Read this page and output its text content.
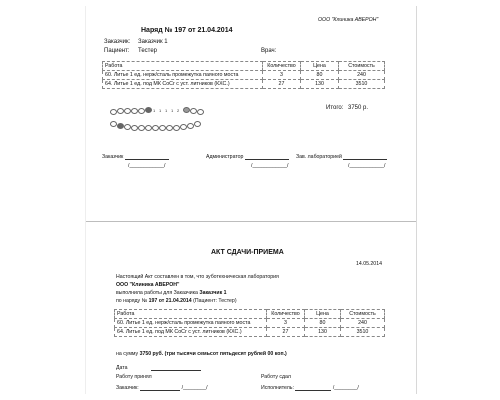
ООО "Клиника АВЕРОН"
Наряд № 197 от 21.04.2014
Заказчик: Заказчик 1
Пациент: Тестер	Врач:
Работа	Количество	Цена	Стоимость
60. Литье 1 ед. нерж/сталь промежутка паяного моста	3	80	240
64. Литье 1 ед. под МК CoCr с уст. литников (КХС.)	27	130	3510
1 1 1 1 2	Итого: 3750 р.
Заказчик
/____________/
Администратор
/____________/
Зав. лабораторией
/____________/
АКТ СДАЧИ-ПРИЕМА
14.05.2014
Настоящий Акт составлен в том, что зуботехническая лаборатория
ООО "Клиника АВЕРОН"
выполнила работы для Заказчика Заказчик 1
по наряду № 197 от 21.04.2014 (Пациент: Тестер)
Работа	Количество	Цена	Стоимость
60. Литье 1 ед. нерж/сталь промежутка паяного моста	3	80	240
64. Литье 1 ед. под МК CoCr с уст. литников (КХС.)	27	130	3510
на сумму 3750 руб. (три тысячи семьсот пятьдесят рублей 00 коп.)
Дата
Работу принял	Работу сдал
Заказчик:	/________/	Исполнитель:	/________/
